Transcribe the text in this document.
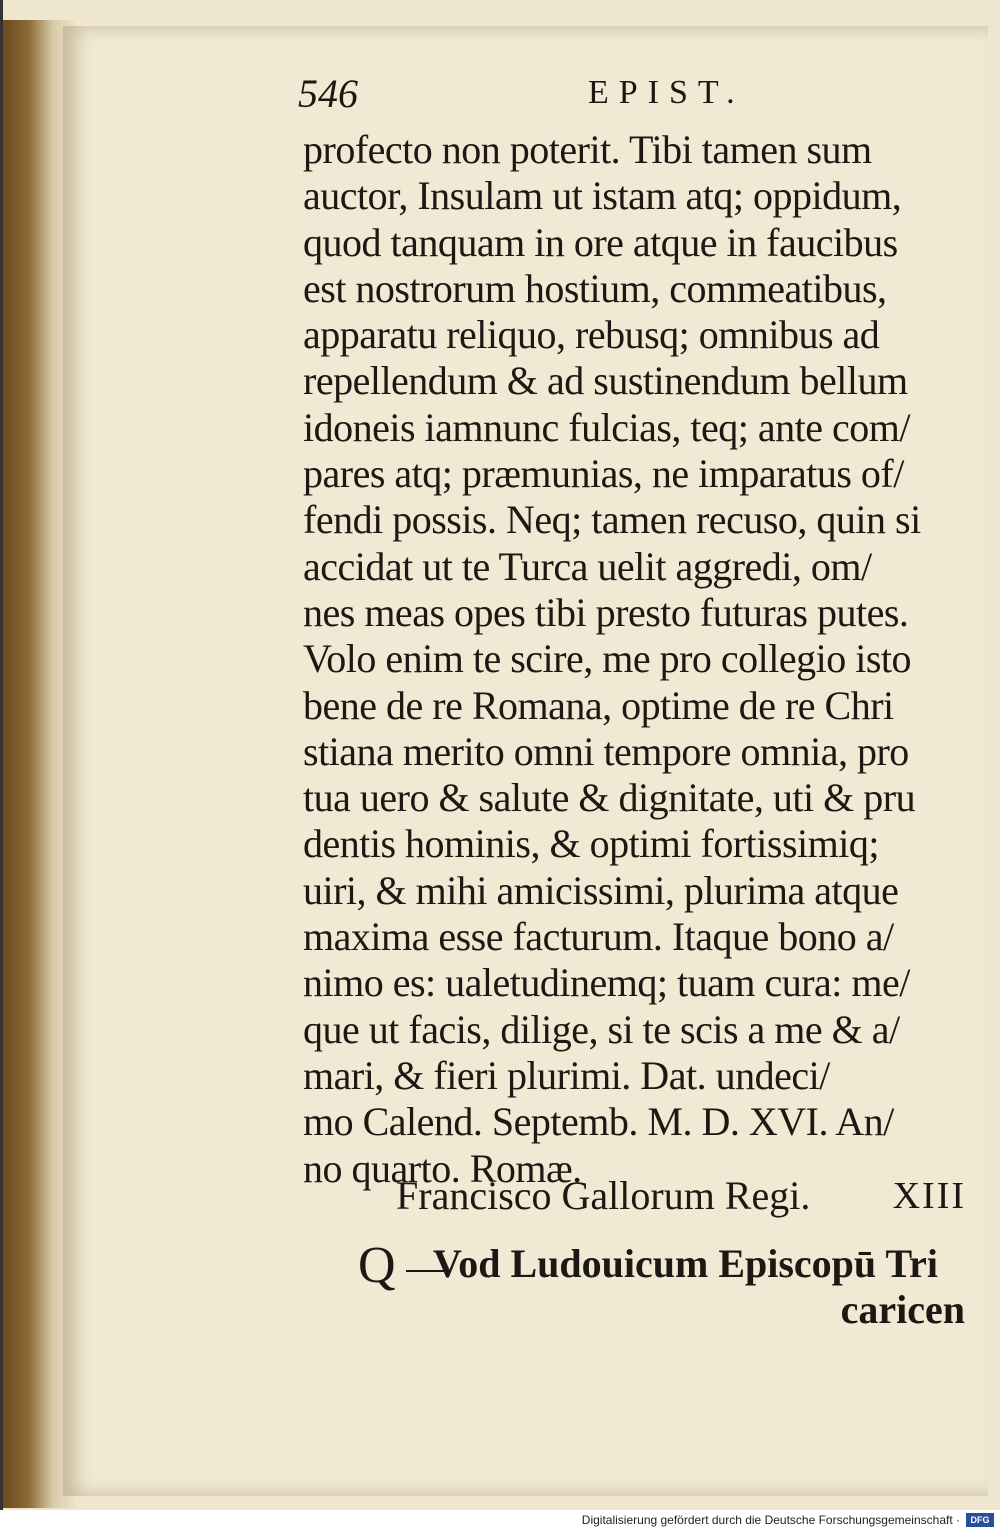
546	EPIST.
profecto non poterit. Tibi tamen sum
auctor, Insulam ut istam atq; oppidum,
quod tanquam in ore atque in faucibus
est nostrorum hostium, commeatibus,
apparatu reliquo, rebusq; omnibus ad
repellendum & ad sustinendum bellum
idoneis iamnunc fulcias, teq; ante com/
pares atq; præmunias, ne imparatus of/
fendi possis. Neq; tamen recuso, quin si
accidat ut te Turca uelit aggredi, om/
nes meas opes tibi presto futuras putes.
Volo enim te scire, me pro collegio isto
bene de re Romana, optime de re Chri
stiana merito omni tempore omnia, pro
tua uero & salute & dignitate, uti & pru
dentis hominis, & optimi fortissimiq;
uiri, & mihi amicissimi, plurima atque
maxima esse facturum. Itaque bono a/
nimo es: ualetudinemq; tuam cura: me/
que ut facis, dilige, si te scis a me & a/
mari, & fieri plurimi. Dat. undeci/
mo Calend. Septemb. M. D. XVI. An/
no quarto. Romæ.
Francisco Gallorum Regi. XIII
Q Vod Ludouicum Episcopū Tri
caricen
Digitalisierung gefördert durch die Deutsche Forschungsgemeinschaft ·	DFG
